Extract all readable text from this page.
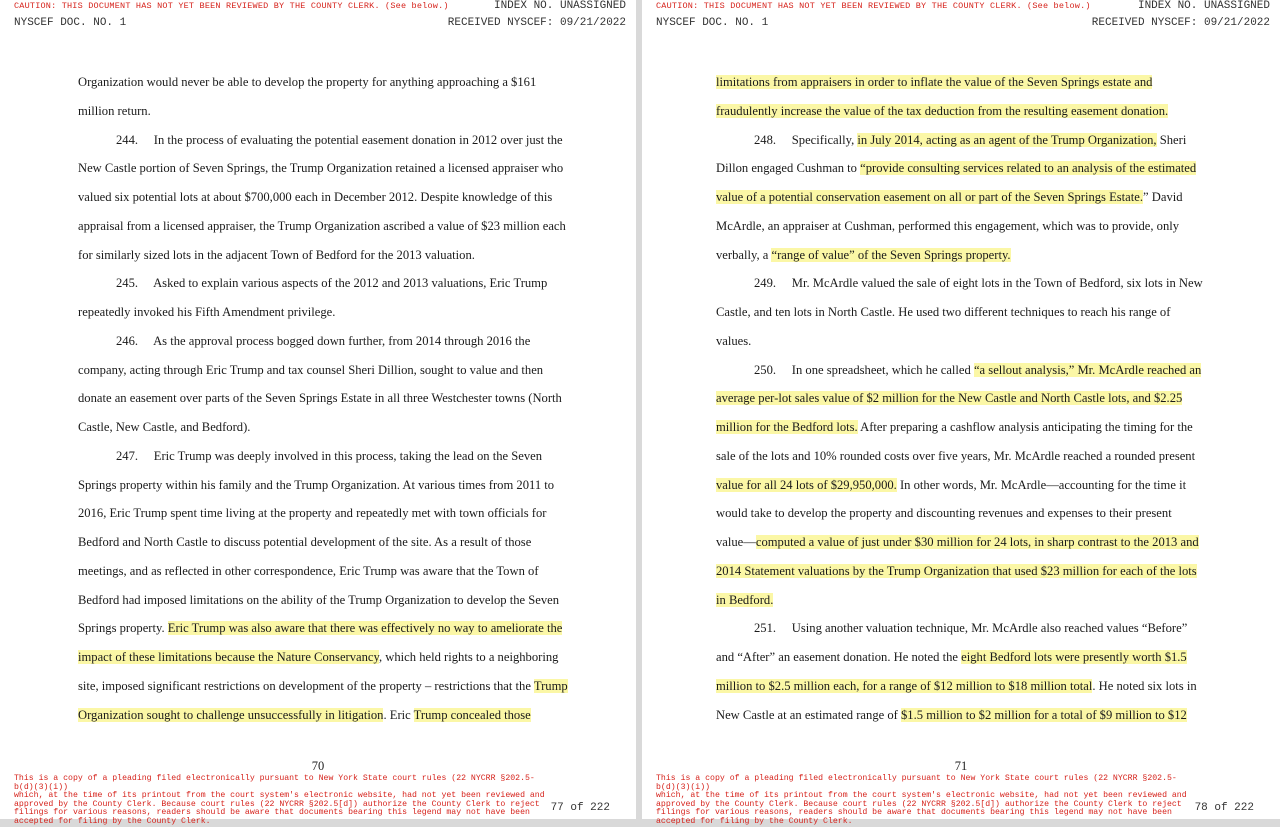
CAUTION: THIS DOCUMENT HAS NOT YET BEEN REVIEWED BY THE COUNTY CLERK. (See below.)	INDEX NO. UNASSIGNED
NYSCEF DOC. NO. 1	RECEIVED NYSCEF: 09/21/2022
Organization would never be able to develop the property for anything approaching a $161
million return.
244.     In the process of evaluating the potential easement donation in 2012 over just the
New Castle portion of Seven Springs, the Trump Organization retained a licensed appraiser who
valued six potential lots at about $700,000 each in December 2012. Despite knowledge of this
appraisal from a licensed appraiser, the Trump Organization ascribed a value of $23 million each
for similarly sized lots in the adjacent Town of Bedford for the 2013 valuation.
245.     Asked to explain various aspects of the 2012 and 2013 valuations, Eric Trump
repeatedly invoked his Fifth Amendment privilege.
246.     As the approval process bogged down further, from 2014 through 2016 the
company, acting through Eric Trump and tax counsel Sheri Dillion, sought to value and then
donate an easement over parts of the Seven Springs Estate in all three Westchester towns (North
Castle, New Castle, and Bedford).
247.     Eric Trump was deeply involved in this process, taking the lead on the Seven
Springs property within his family and the Trump Organization. At various times from 2011 to
2016, Eric Trump spent time living at the property and repeatedly met with town officials for
Bedford and North Castle to discuss potential development of the site. As a result of those
meetings, and as reflected in other correspondence, Eric Trump was aware that the Town of
Bedford had imposed limitations on the ability of the Trump Organization to develop the Seven
Springs property. Eric Trump was also aware that there was effectively no way to ameliorate the
impact of these limitations because the Nature Conservancy, which held rights to a neighboring
site, imposed significant restrictions on development of the property – restrictions that the Trump
Organization sought to challenge unsuccessfully in litigation. Eric Trump concealed those
70
This is a copy of a pleading filed electronically pursuant to New York State court rules (22 NYCRR §202.5-b(d)(3)(i))
which, at the time of its printout from the court system's electronic website, had not yet been reviewed and
approved by the County Clerk. Because court rules (22 NYCRR §202.5[d]) authorize the County Clerk to reject
filings for various reasons, readers should be aware that documents bearing this legend may not have been
accepted for filing by the County Clerk.
77 of 222
CAUTION: THIS DOCUMENT HAS NOT YET BEEN REVIEWED BY THE COUNTY CLERK. (See below.)	INDEX NO. UNASSIGNED
NYSCEF DOC. NO. 1	RECEIVED NYSCEF: 09/21/2022
limitations from appraisers in order to inflate the value of the Seven Springs estate and
fraudulently increase the value of the tax deduction from the resulting easement donation.
248.     Specifically, in July 2014, acting as an agent of the Trump Organization, Sheri
Dillon engaged Cushman to “provide consulting services related to an analysis of the estimated
value of a potential conservation easement on all or part of the Seven Springs Estate.” David
McArdle, an appraiser at Cushman, performed this engagement, which was to provide, only
verbally, a “range of value” of the Seven Springs property.
249.     Mr. McArdle valued the sale of eight lots in the Town of Bedford, six lots in New
Castle, and ten lots in North Castle. He used two different techniques to reach his range of
values.
250.     In one spreadsheet, which he called “a sellout analysis,” Mr. McArdle reached an
average per-lot sales value of $2 million for the New Castle and North Castle lots, and $2.25
million for the Bedford lots. After preparing a cashflow analysis anticipating the timing for the
sale of the lots and 10% rounded costs over five years, Mr. McArdle reached a rounded present
value for all 24 lots of $29,950,000. In other words, Mr. McArdle—accounting for the time it
would take to develop the property and discounting revenues and expenses to their present
value—computed a value of just under $30 million for 24 lots, in sharp contrast to the 2013 and
2014 Statement valuations by the Trump Organization that used $23 million for each of the lots
in Bedford.
251.     Using another valuation technique, Mr. McArdle also reached values “Before”
and “After” an easement donation. He noted the eight Bedford lots were presently worth $1.5
million to $2.5 million each, for a range of $12 million to $18 million total. He noted six lots in
New Castle at an estimated range of $1.5 million to $2 million for a total of $9 million to $12
71
This is a copy of a pleading filed electronically pursuant to New York State court rules (22 NYCRR §202.5-b(d)(3)(i))
which, at the time of its printout from the court system's electronic website, had not yet been reviewed and
approved by the County Clerk. Because court rules (22 NYCRR §202.5[d]) authorize the County Clerk to reject
filings for various reasons, readers should be aware that documents bearing this legend may not have been
accepted for filing by the County Clerk.
78 of 222
